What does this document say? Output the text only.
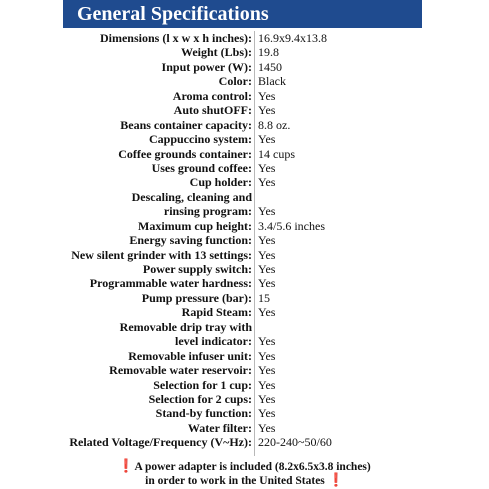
General Specifications
Dimensions (l x w x h inches): 16.9x9.4x13.8
Weight (Lbs): 19.8
Input power (W): 1450
Color: Black
Aroma control: Yes
Auto shutOFF: Yes
Beans container capacity: 8.8 oz.
Cappuccino system: Yes
Coffee grounds container: 14 cups
Uses ground coffee: Yes
Cup holder: Yes
Descaling, cleaning and
rinsing program: Yes
Maximum cup height: 3.4/5.6 inches
Energy saving function: Yes
New silent grinder with 13 settings: Yes
Power supply switch: Yes
Programmable water hardness: Yes
Pump pressure (bar): 15
Rapid Steam: Yes
Removable drip tray with
level indicator: Yes
Removable infuser unit: Yes
Removable water reservoir: Yes
Selection for 1 cup: Yes
Selection for 2 cups: Yes
Stand-by function: Yes
Water filter: Yes
Related Voltage/Frequency (V~Hz): 220-240~50/60
❗A power adapter is included (8.2x6.5x3.8 inches)
in order to work in the United States ❗
